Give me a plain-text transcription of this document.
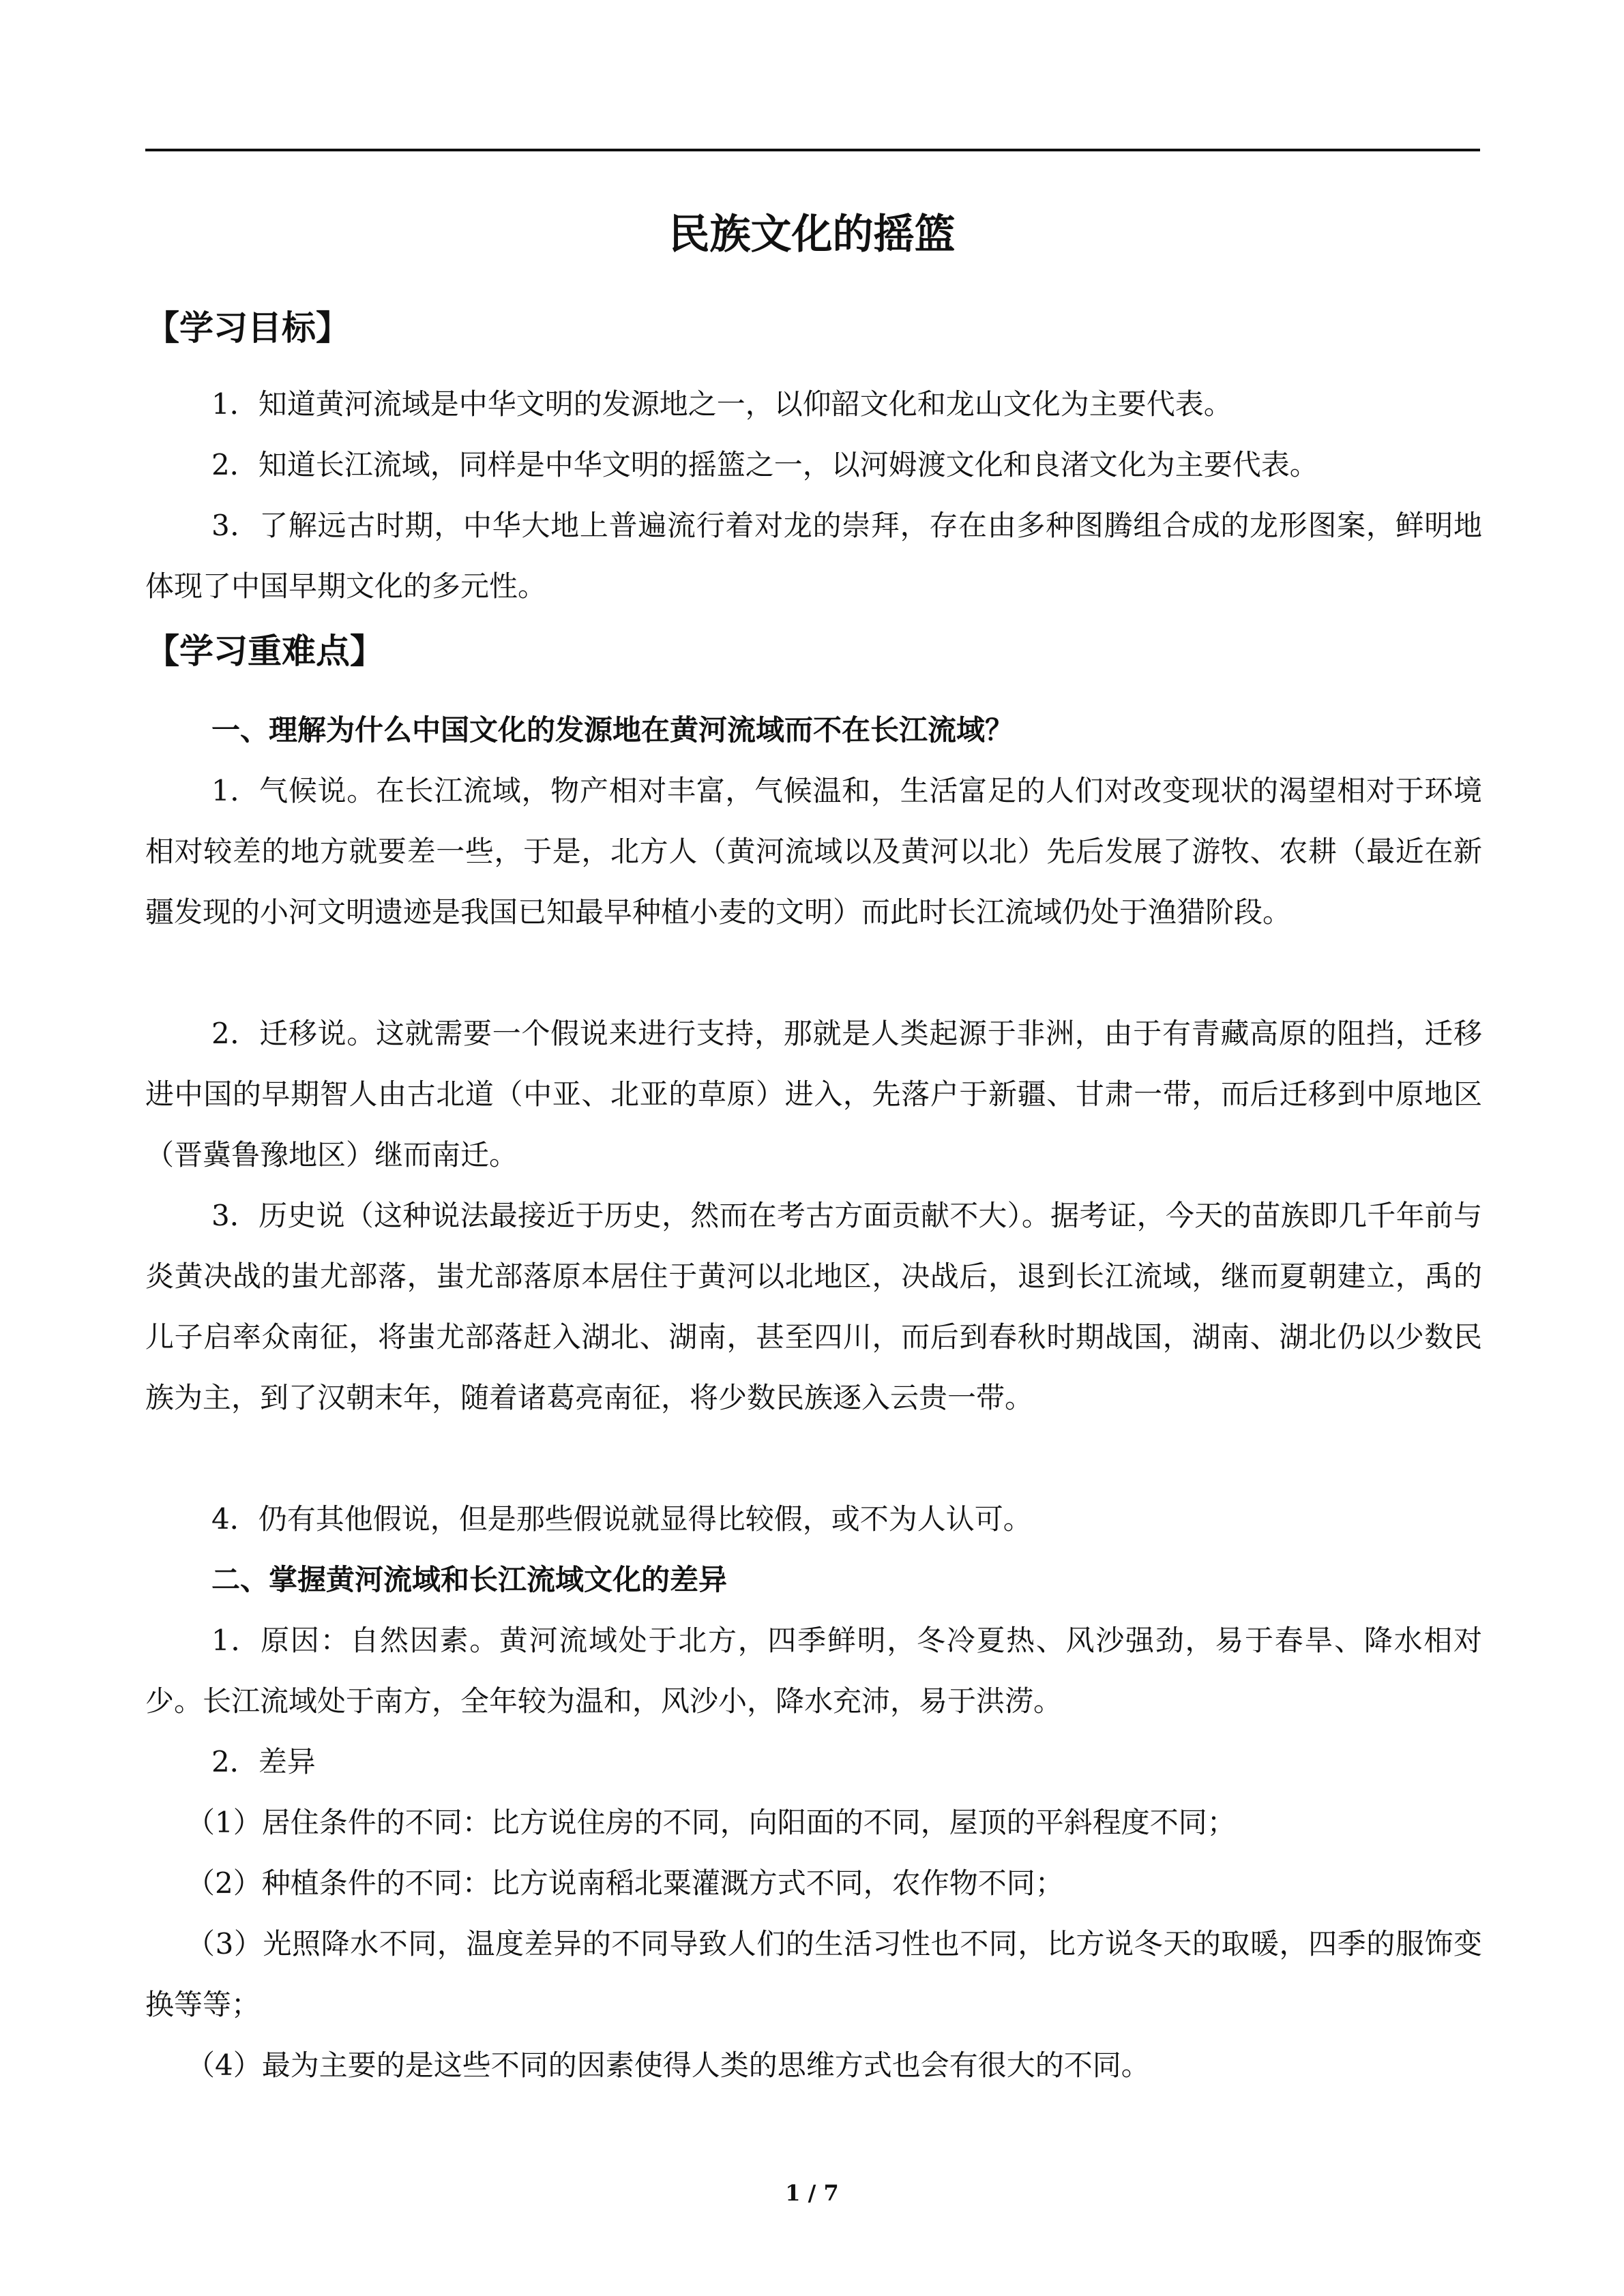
民族文化的摇篮
【学习目标】
1．知道黄河流域是中华文明的发源地之一，以仰韶文化和龙山文化为主要代表。
2．知道长江流域，同样是中华文明的摇篮之一，以河姆渡文化和良渚文化为主要代表。
3．了解远古时期，中华大地上普遍流行着对龙的崇拜，存在由多种图腾组合成的龙形图案，鲜明地体现了中国早期文化的多元性。
【学习重难点】
一、理解为什么中国文化的发源地在黄河流域而不在长江流域？
1．气候说。在长江流域，物产相对丰富，气候温和，生活富足的人们对改变现状的渴望相对于环境相对较差的地方就要差一些，于是，北方人（黄河流域以及黄河以北）先后发展了游牧、农耕（最近在新疆发现的小河文明遗迹是我国已知最早种植小麦的文明）而此时长江流域仍处于渔猎阶段。
2．迁移说。这就需要一个假说来进行支持，那就是人类起源于非洲，由于有青藏高原的阻挡，迁移进中国的早期智人由古北道（中亚、北亚的草原）进入，先落户于新疆、甘肃一带，而后迁移到中原地区（晋冀鲁豫地区）继而南迁。
3．历史说（这种说法最接近于历史，然而在考古方面贡献不大）。据考证，今天的苗族即几千年前与炎黄决战的蚩尤部落，蚩尤部落原本居住于黄河以北地区，决战后，退到长江流域，继而夏朝建立，禹的儿子启率众南征，将蚩尤部落赶入湖北、湖南，甚至四川，而后到春秋时期战国，湖南、湖北仍以少数民族为主，到了汉朝末年，随着诸葛亮南征，将少数民族逐入云贵一带。
4．仍有其他假说，但是那些假说就显得比较假，或不为人认可。
二、掌握黄河流域和长江流域文化的差异
1．原因：自然因素。黄河流域处于北方，四季鲜明，冬冷夏热、风沙强劲，易于春旱、降水相对少。长江流域处于南方，全年较为温和，风沙小，降水充沛，易于洪涝。
2．差异
（1）居住条件的不同：比方说住房的不同，向阳面的不同，屋顶的平斜程度不同；
（2）种植条件的不同：比方说南稻北粟灌溉方式不同，农作物不同；
（3）光照降水不同，温度差异的不同导致人们的生活习性也不同，比方说冬天的取暖，四季的服饰变换等等；
（4）最为主要的是这些不同的因素使得人类的思维方式也会有很大的不同。
1 / 7
